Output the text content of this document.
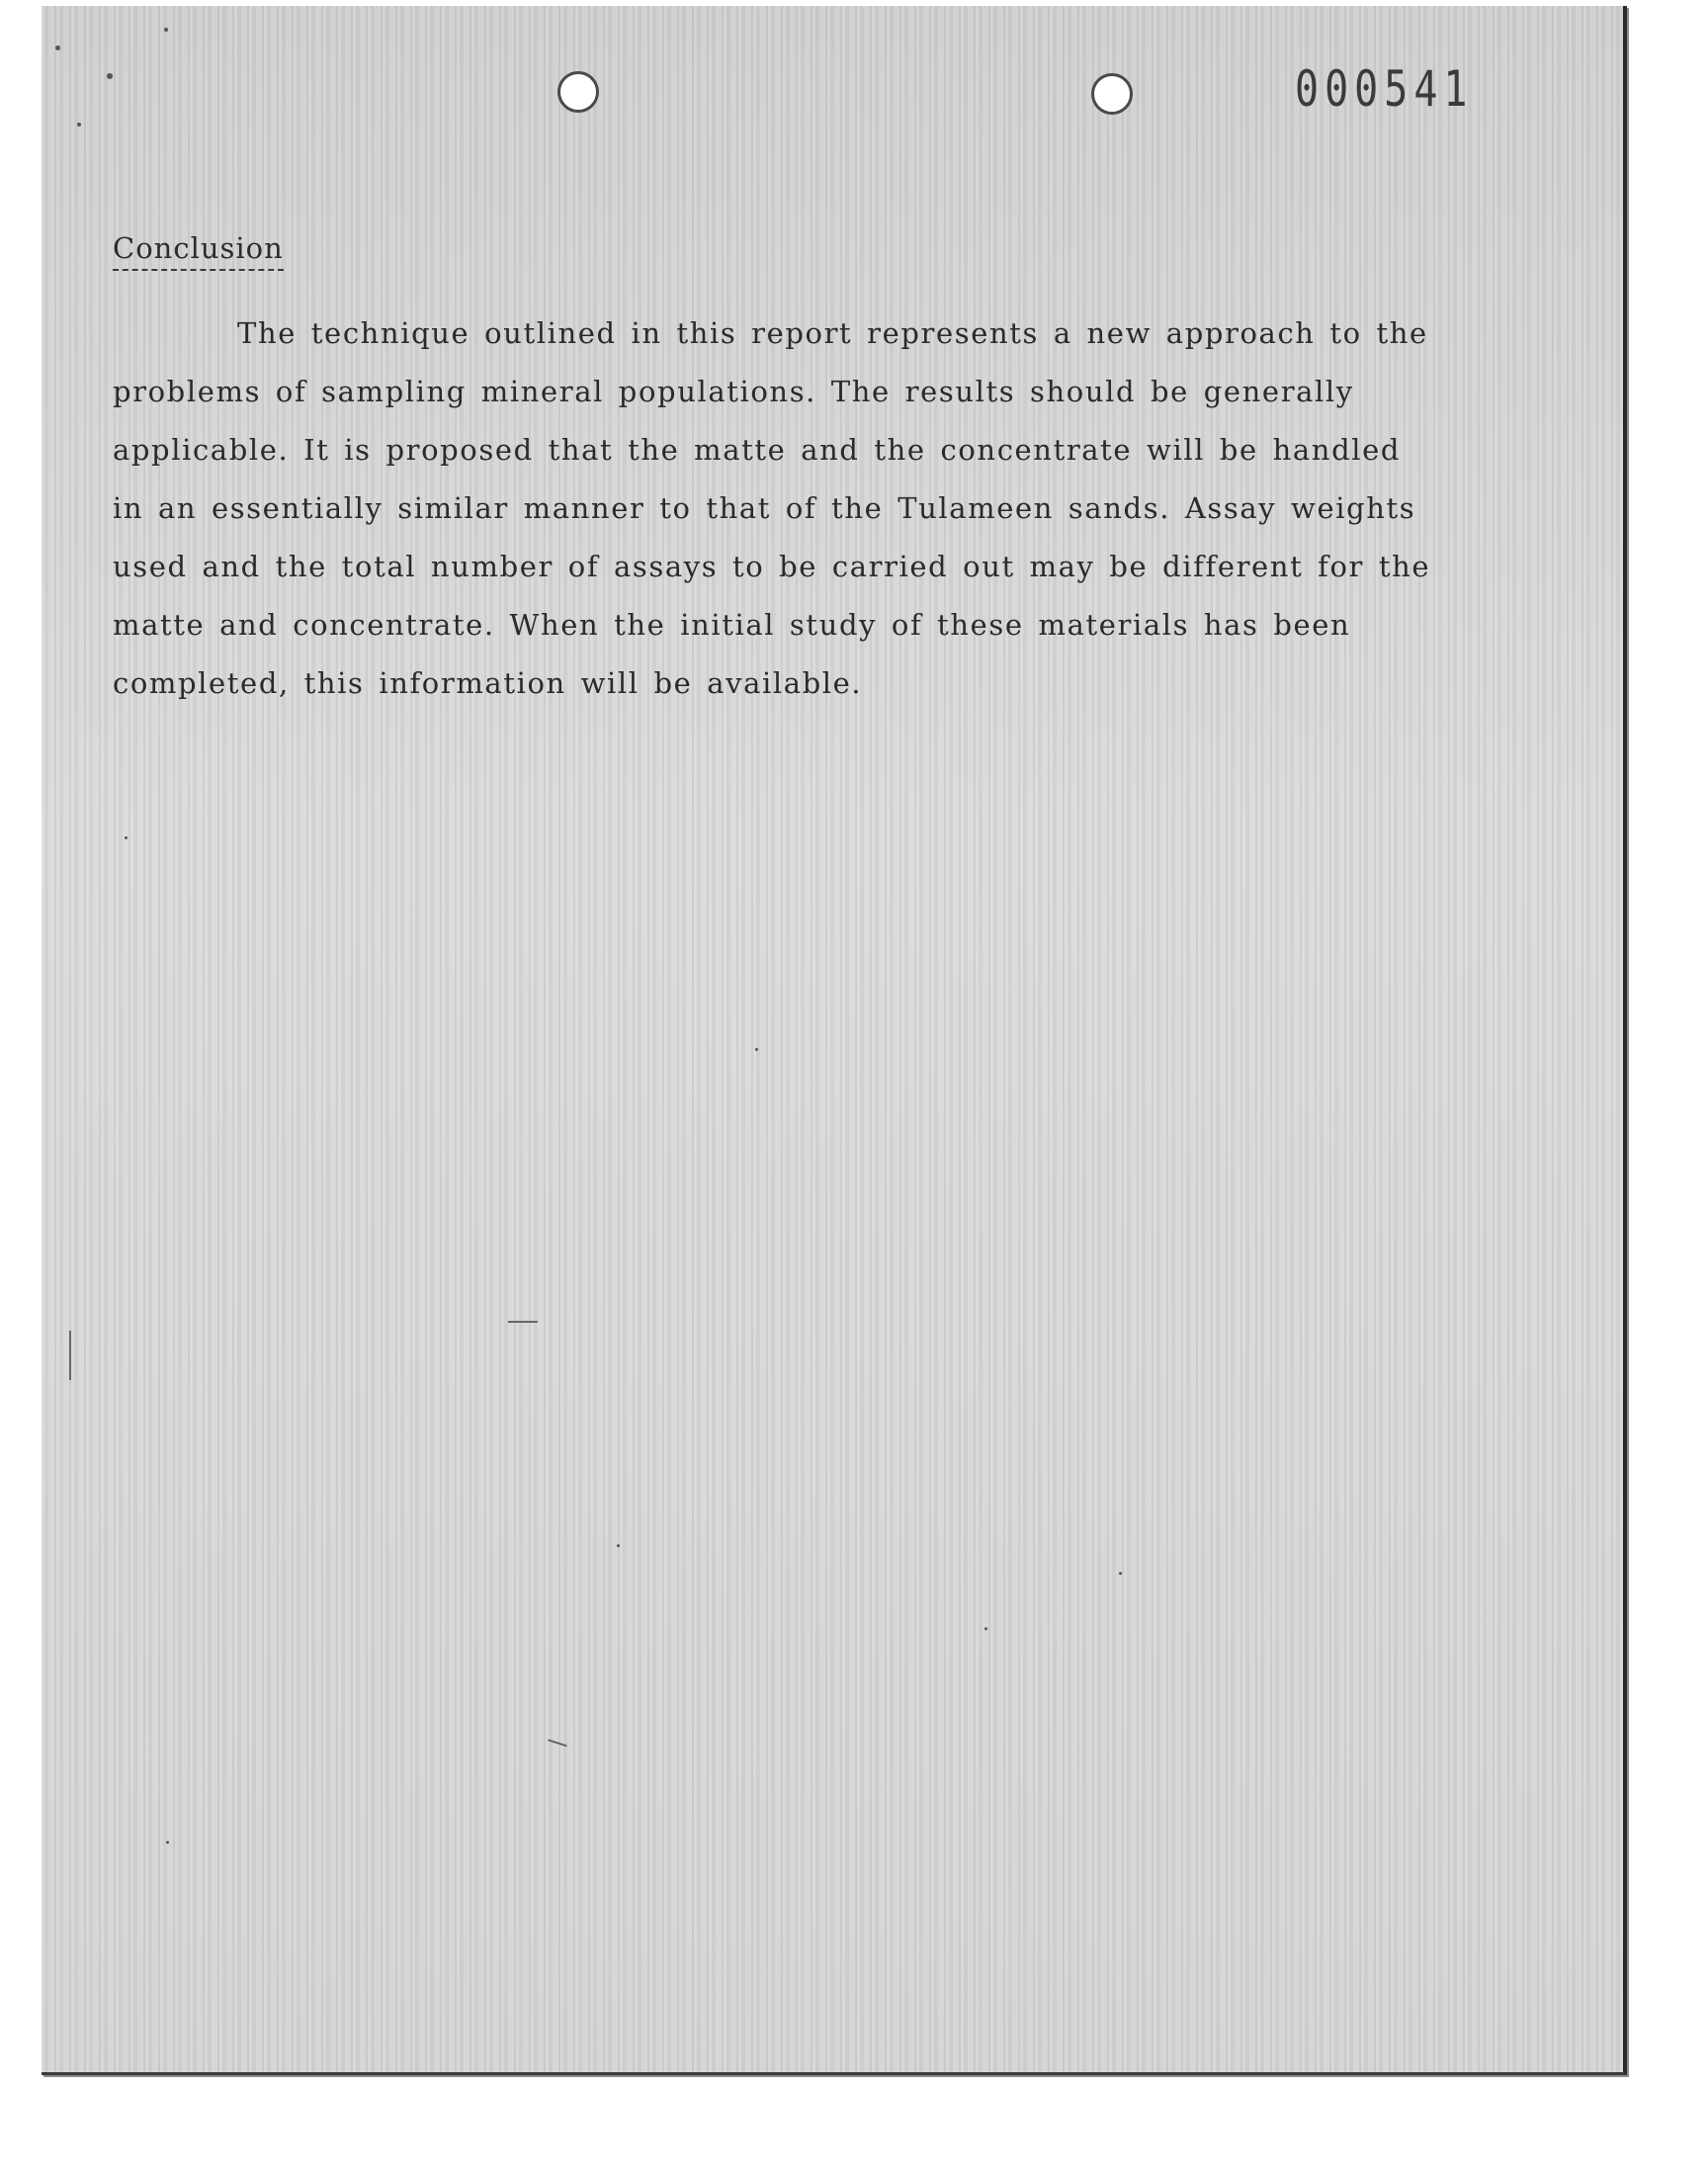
000541
Conclusion

The technique outlined in this report represents a new approach to the problems of sampling mineral populations. The results should be generally applicable. It is proposed that the matte and the concentrate will be handled in an essentially similar manner to that of the Tulameen sands. Assay weights used and the total number of assays to be carried out may be different for the matte and concentrate. When the initial study of these materials has been completed, this information will be available.
